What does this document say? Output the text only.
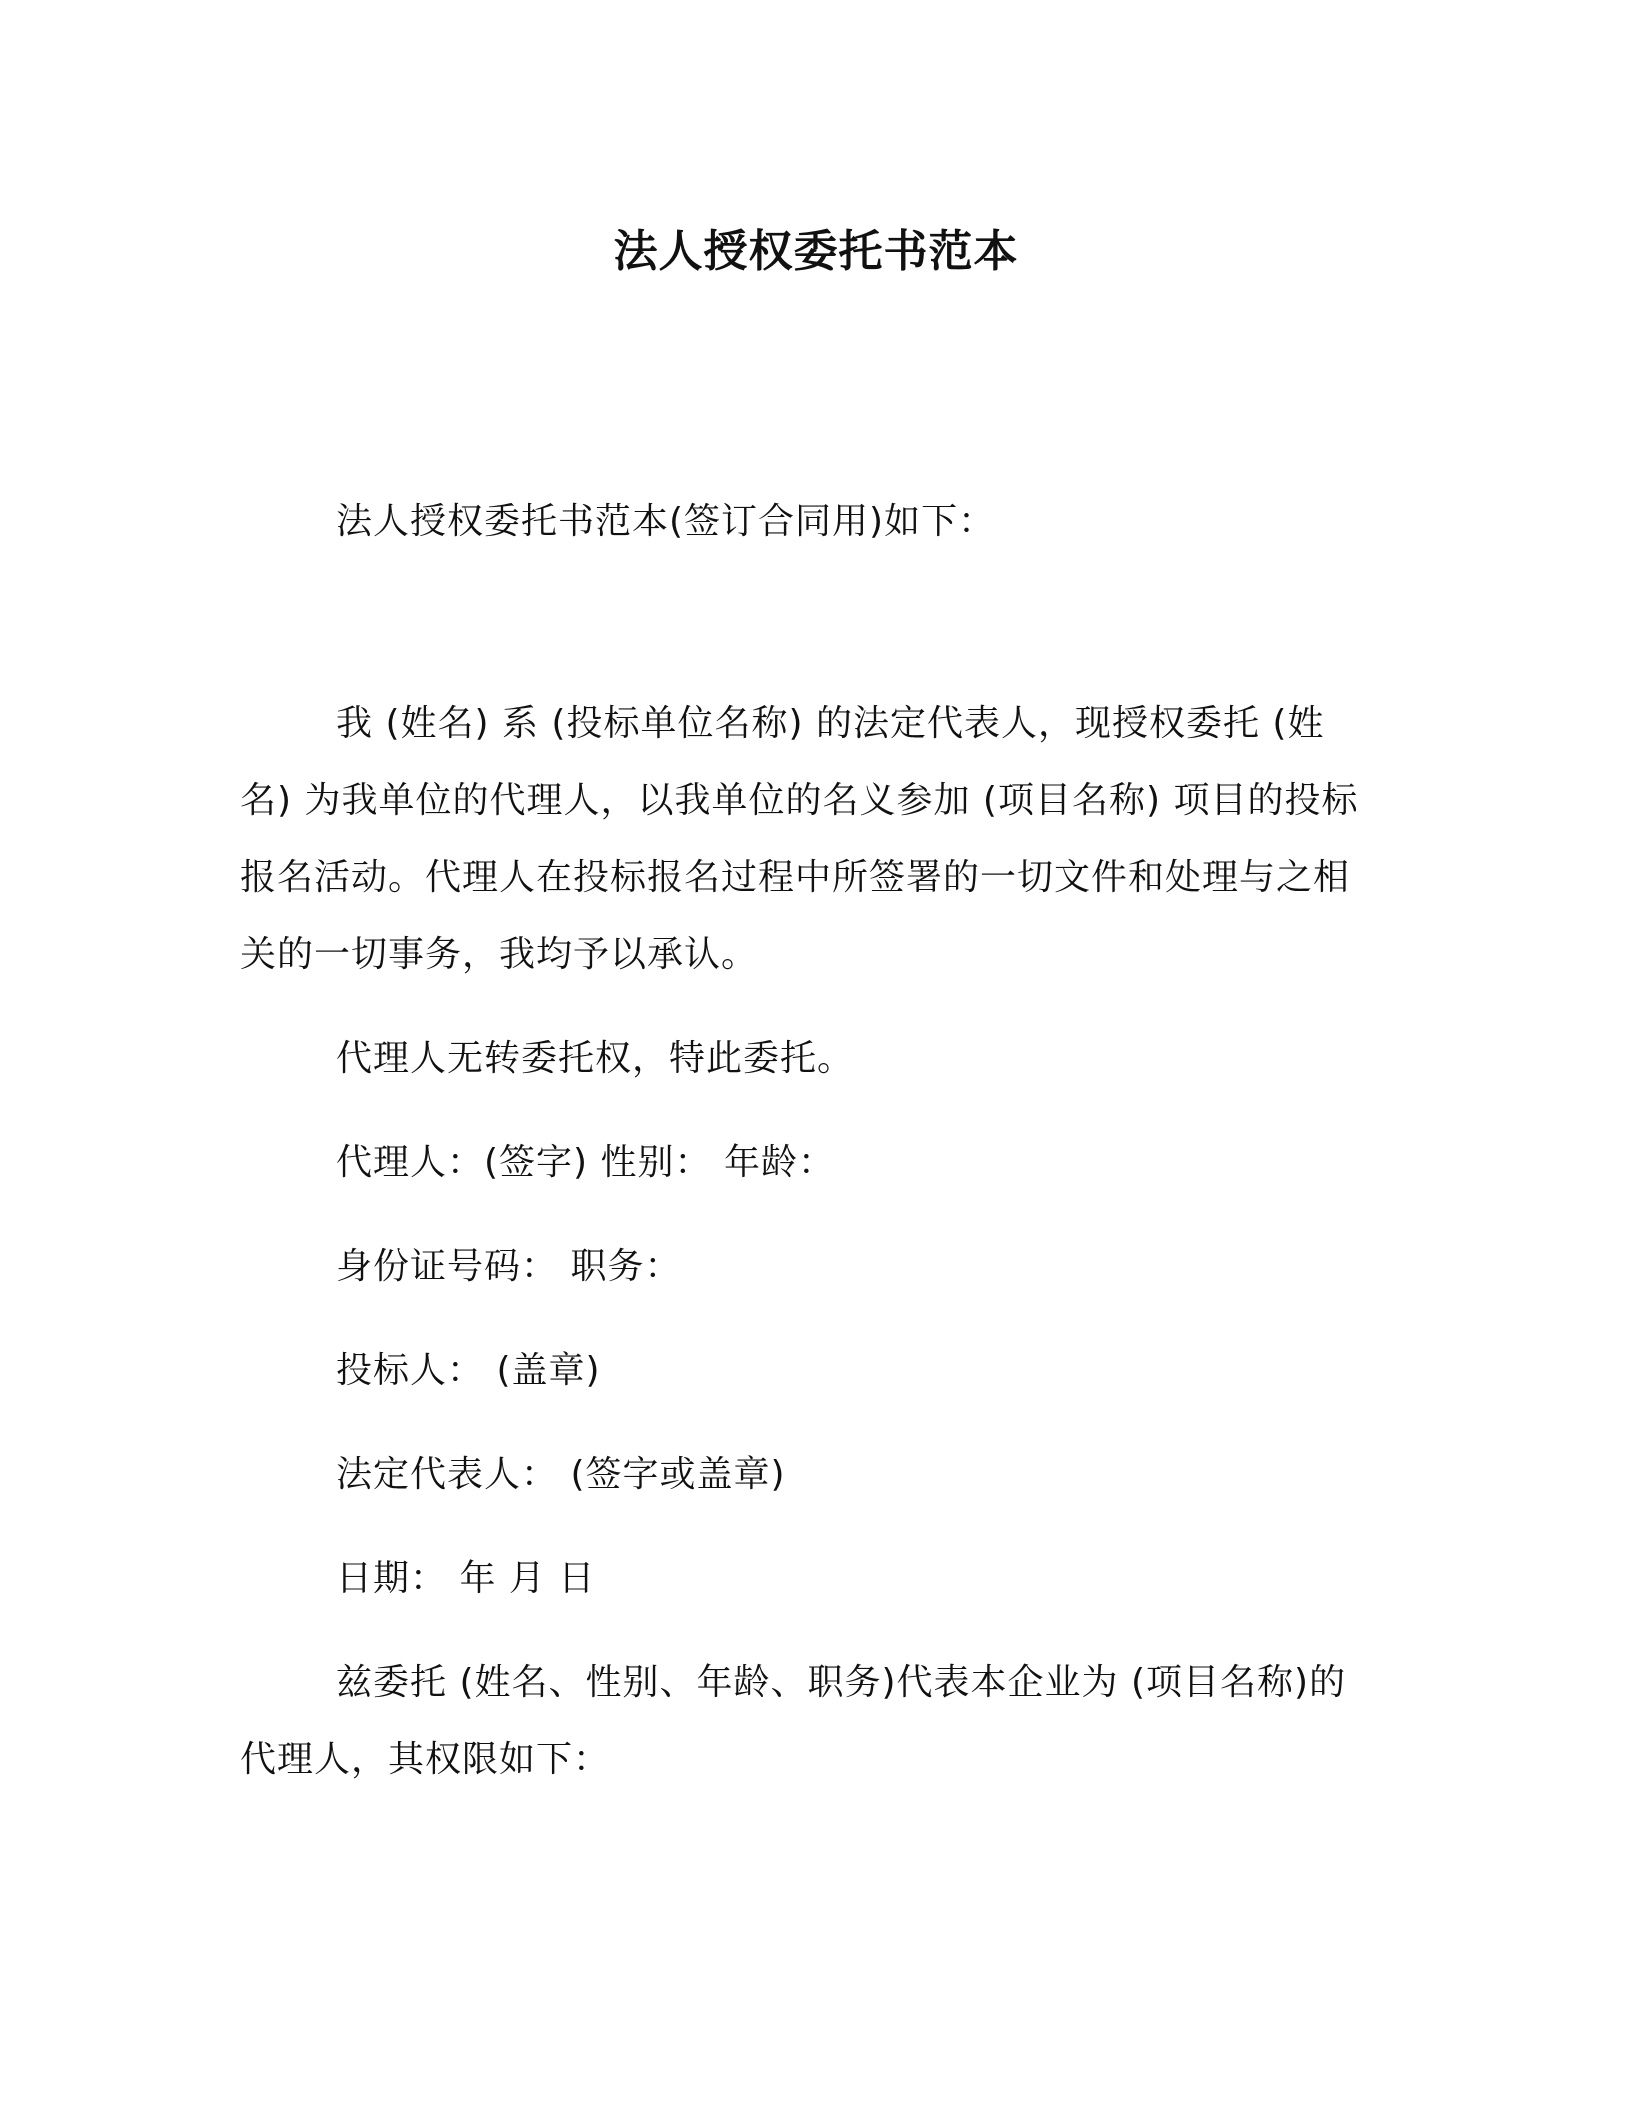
法人授权委托书范本
法人授权委托书范本(签订合同用)如下：
我 (姓名) 系 (投标单位名称) 的法定代表人，现授权委托 (姓名) 为我单位的代理人，以我单位的名义参加 (项目名称) 项目的投标报名活动。代理人在投标报名过程中所签署的一切文件和处理与之相关的一切事务，我均予以承认。
代理人无转委托权，特此委托。
代理人：(签字) 性别： 年龄：
身份证号码： 职务：
投标人： (盖章)
法定代表人： (签字或盖章)
日期： 年 月 日
兹委托 (姓名、性别、年龄、职务)代表本企业为 (项目名称)的代理人，其权限如下：
